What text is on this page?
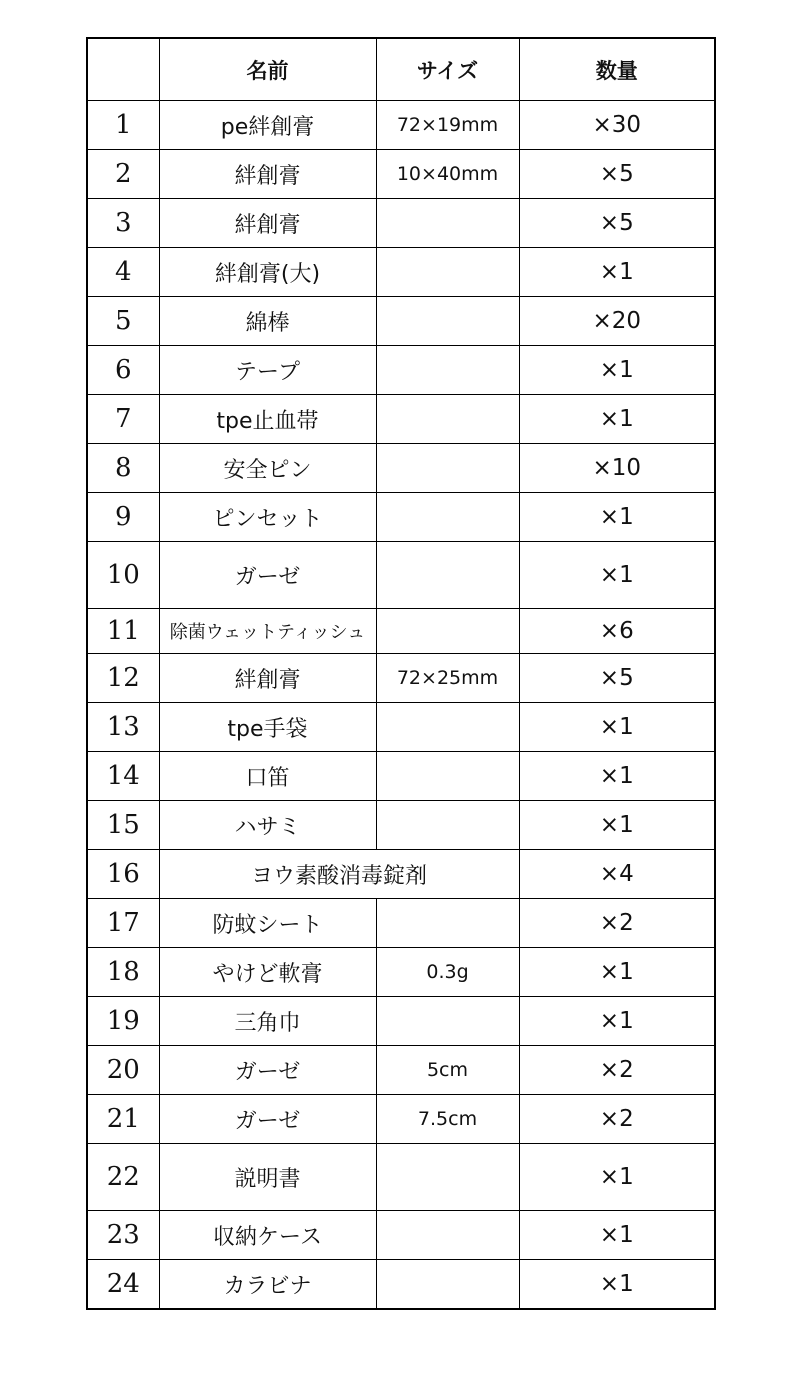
	名前	サイズ	数量
1	pe絆創膏	72×19mm	×30
2	絆創膏	10×40mm	×5
3	絆創膏		×5
4	絆創膏(大)		×1
5	綿棒		×20
6	テープ		×1
7	tpe止血帯		×1
8	安全ピン		×10
9	ピンセット		×1
10	ガーゼ		×1
11	除菌ウェットティッシュ		×6
12	絆創膏	72×25mm	×5
13	tpe手袋		×1
14	口笛		×1
15	ハサミ		×1
16	ヨウ素酸消毒錠剤		×4
17	防蚊シート		×2
18	やけど軟膏	0.3g	×1
19	三角巾		×1
20	ガーゼ	5cm	×2
21	ガーゼ	7.5cm	×2
22	説明書		×1
23	収納ケース		×1
24	カラビナ		×1
